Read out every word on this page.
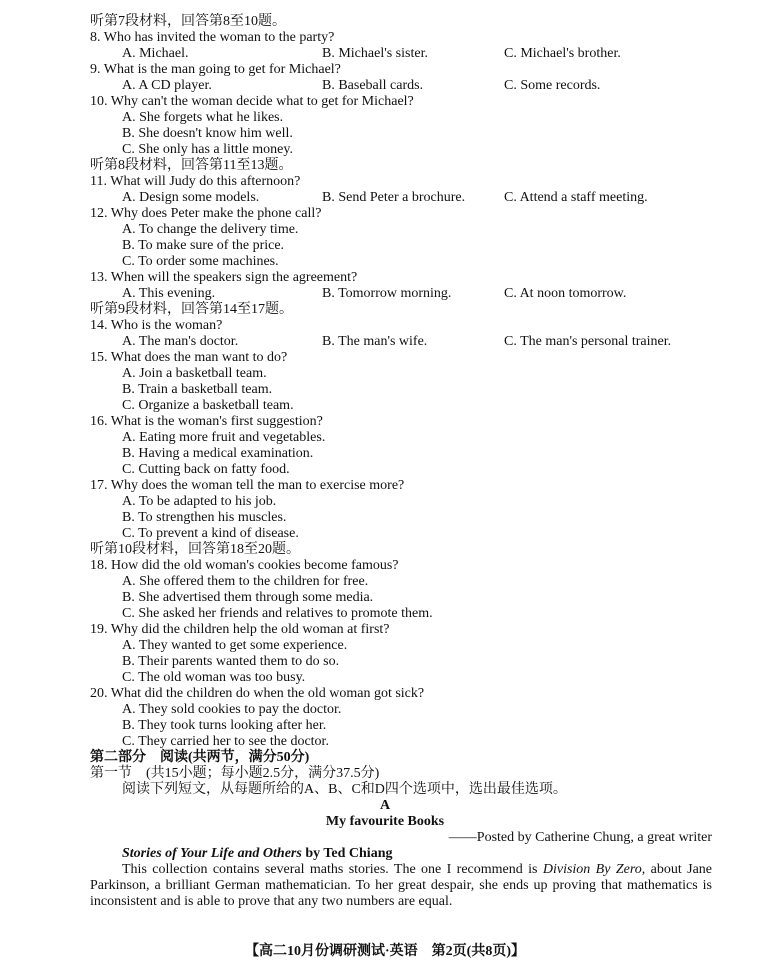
听第7段材料，回答第8至10题。
8. Who has invited the woman to the party?
A. Michael.	B. Michael's sister.	C. Michael's brother.
9. What is the man going to get for Michael?
A. A CD player.	B. Baseball cards.	C. Some records.
10. Why can't the woman decide what to get for Michael?
A. She forgets what he likes.
B. She doesn't know him well.
C. She only has a little money.
听第8段材料，回答第11至13题。
11. What will Judy do this afternoon?
A. Design some models.	B. Send Peter a brochure.	C. Attend a staff meeting.
12. Why does Peter make the phone call?
A. To change the delivery time.
B. To make sure of the price.
C. To order some machines.
13. When will the speakers sign the agreement?
A. This evening.	B. Tomorrow morning.	C. At noon tomorrow.
听第9段材料，回答第14至17题。
14. Who is the woman?
A. The man's doctor.	B. The man's wife.	C. The man's personal trainer.
15. What does the man want to do?
A. Join a basketball team.
B. Train a basketball team.
C. Organize a basketball team.
16. What is the woman's first suggestion?
A. Eating more fruit and vegetables.
B. Having a medical examination.
C. Cutting back on fatty food.
17. Why does the woman tell the man to exercise more?
A. To be adapted to his job.
B. To strengthen his muscles.
C. To prevent a kind of disease.
听第10段材料，回答第18至20题。
18. How did the old woman's cookies become famous?
A. She offered them to the children for free.
B. She advertised them through some media.
C. She asked her friends and relatives to promote them.
19. Why did the children help the old woman at first?
A. They wanted to get some experience.
B. Their parents wanted them to do so.
C. The old woman was too busy.
20. What did the children do when the old woman got sick?
A. They sold cookies to pay the doctor.
B. They took turns looking after her.
C. They carried her to see the doctor.
第二部分　阅读(共两节，满分50分)
第一节　(共15小题；每小题2.5分，满分37.5分)
阅读下列短文，从每题所给的A、B、C和D四个选项中，选出最佳选项。
A
My favourite Books
——Posted by Catherine Chung, a great writer
Stories of Your Life and Others by Ted Chiang
This collection contains several maths stories. The one I recommend is Division By Zero, about Jane Parkinson, a brilliant German mathematician. To her great despair, she ends up proving that mathematics is inconsistent and is able to prove that any two numbers are equal.
【高二10月份调研测试·英语　第2页(共8页)】
